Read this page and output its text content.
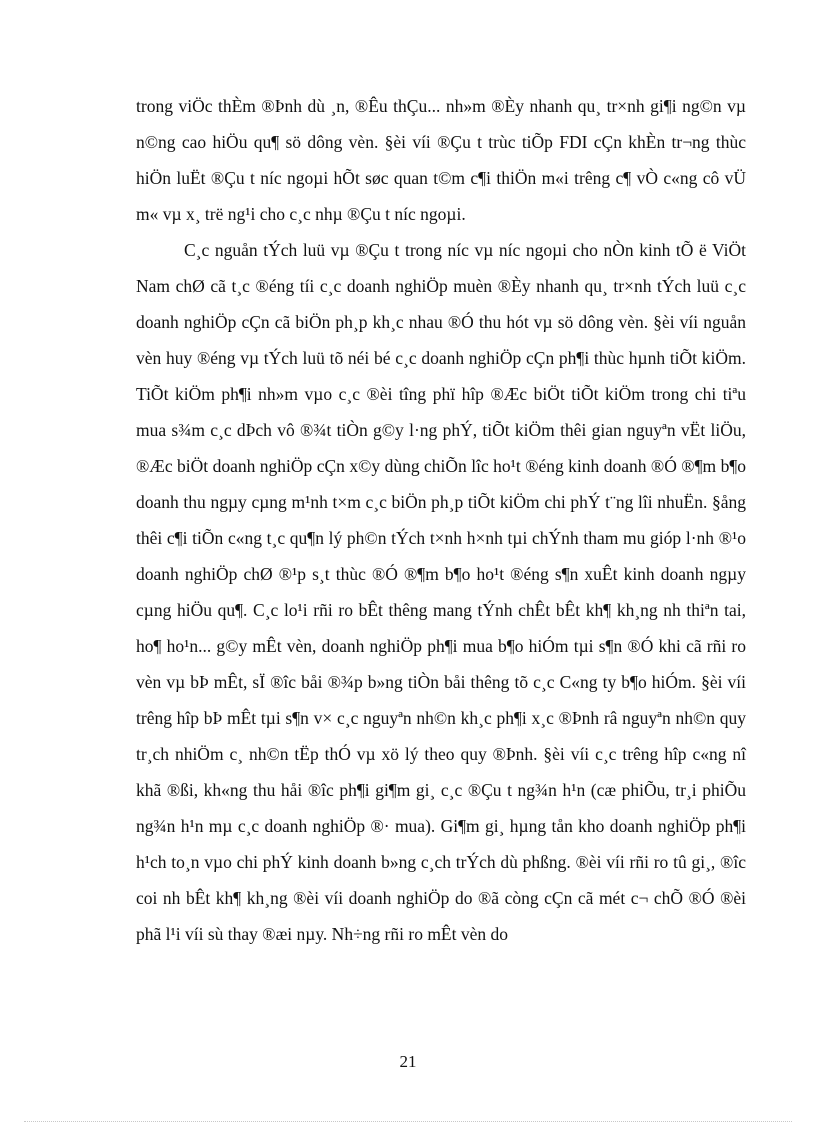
trong viÖc thÈm ®Þnh dù ¸n, ®Êu thÇu... nh»m ®Èy nhanh qu¸ tr×nh gi¶i ng©n vµ n©ng cao hiÖu qu¶ sö dông vèn. §èi víi ®Çu t trùc tiÕp FDI cÇn khÈn tr¬ng thùc hiÖn luËt ®Çu t níc ngoµi hÕt søc quan t©m c¶i thiÖn m«i trêng c¶ vÒ c«ng cô vÜ m« vµ x¸ trë ng¹i cho c¸c nhµ ®Çu t níc ngoµi.

C¸c nguån tÝch luü vµ ®Çu t trong níc vµ níc ngoµi cho nÒn kinh tÕ ë ViÖt Nam chØ cã t¸c ®éng tíi c¸c doanh nghiÖp muèn ®Èy nhanh qu¸ tr×nh tÝch luü c¸c doanh nghiÖp cÇn cã biÖn ph¸p kh¸c nhau ®Ó thu hót vµ sö dông vèn. §èi víi nguån vèn huy ®éng vµ tÝch luü tõ néi bé c¸c doanh nghiÖp cÇn ph¶i thùc hµnh tiÕt kiÖm. TiÕt kiÖm ph¶i nh»m vµo c¸c ®èi tîng phï hîp ®Æc biÖt tiÕt kiÖm trong chi tiªu mua s¾m c¸c dÞch vô ®¾t tiÒn g©y l·ng phÝ, tiÕt kiÖm thêi gian nguyªn vËt liÖu, ®Æc biÖt doanh nghiÖp cÇn x©y dùng chiÕn lîc ho¹t ®éng kinh doanh ®Ó ®¶m b¶o doanh thu ngµy cµng m¹nh t×m c¸c biÖn ph¸p tiÕt kiÖm chi phÝ t¨ng lîi nhuËn. §ång thêi c¶i tiÕn c«ng t¸c qu¶n lý ph©n tÝch t×nh h×nh tµi chÝnh tham mu gióp l·nh ®¹o doanh nghiÖp chØ ®¹p s¸t thùc ®Ó ®¶m b¶o ho¹t ®éng s¶n xuÊt kinh doanh ngµy cµng hiÖu qu¶. C¸c lo¹i rñi ro bÊt thêng mang tÝnh chÊt bÊt kh¶ kh¸ng nh thiªn tai, ho¶ ho¹n... g©y mÊt vèn, doanh nghiÖp ph¶i mua b¶o hiÓm tµi s¶n ®Ó khi cã rñi ro vèn vµ bÞ mÊt, sÏ ®îc båi ®¾p b»ng tiÒn båi thêng tõ c¸c C«ng ty b¶o hiÓm. §èi víi trêng hîp bÞ mÊt tµi s¶n v× c¸c nguyªn nh©n kh¸c ph¶i x¸c ®Þnh râ nguyªn nh©n quy tr¸ch nhiÖm c¸ nh©n tËp thÓ vµ xö lý theo quy ®Þnh. §èi víi c¸c trêng hîp c«ng nî khã ®ßi, kh«ng thu håi ®îc ph¶i gi¶m gi¸ c¸c ®Çu t ng¾n h¹n (cæ phiÕu, tr¸i phiÕu ng¾n h¹n mµ c¸c doanh nghiÖp ®· mua). Gi¶m gi¸ hµng tån kho doanh nghiÖp ph¶i h¹ch to¸n vµo chi phÝ kinh doanh b»ng c¸ch trÝch dù phßng. ®èi víi rñi ro tû gi¸, ®îc coi nh bÊt kh¶ kh¸ng ®èi víi doanh nghiÖp do ®ã còng cÇn cã mét c¬ chÕ ®Ó ®èi phã l¹i víi sù thay ®æi nµy. Nh÷ng rñi ro mÊt vèn do

21
